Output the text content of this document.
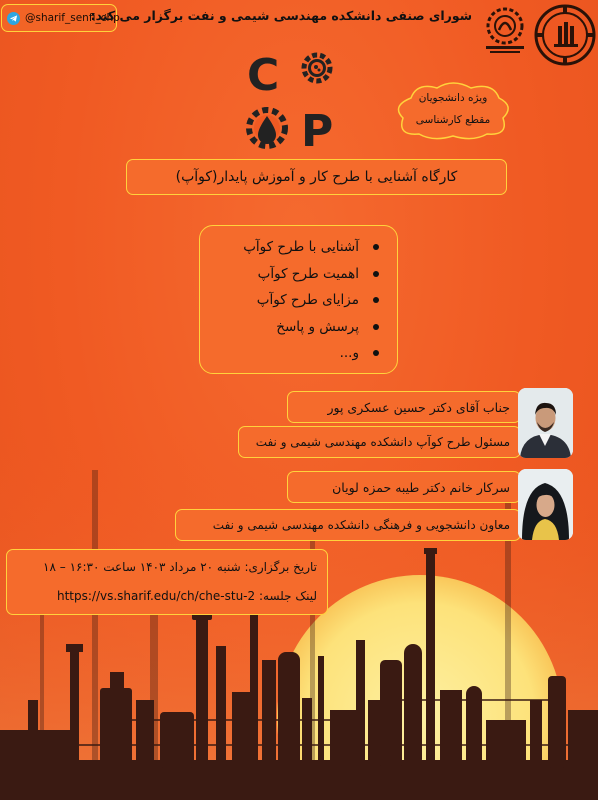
@sharif_senfi_chp
شورای صنفی دانشکده مهندسی شیمی و نفت برگزار می کند:
C
P
ویژه دانشجویان
مقطع کارشناسی
کارگاه آشنایی با طرح کار و آموزش پایدار(کوآپ)
آشنایی با طرح کوآپ
اهمیت طرح کوآپ
مزایای طرح کوآپ
پرسش و پاسخ
و...
جناب آقای دکتر حسین عسکری پور
مسئول طرح کوآپ دانشکده مهندسی شیمی و نفت
سرکار خانم دکتر طیبه حمزه لویان
معاون دانشجویی و فرهنگی دانشکده مهندسی شیمی و نفت
تاریخ برگزاری: شنبه ۲۰ مرداد ۱۴۰۳ ساعت ۱۶:۳۰ – ۱۸
لینک جلسه: https://vs.sharif.edu/ch/che-stu-2
